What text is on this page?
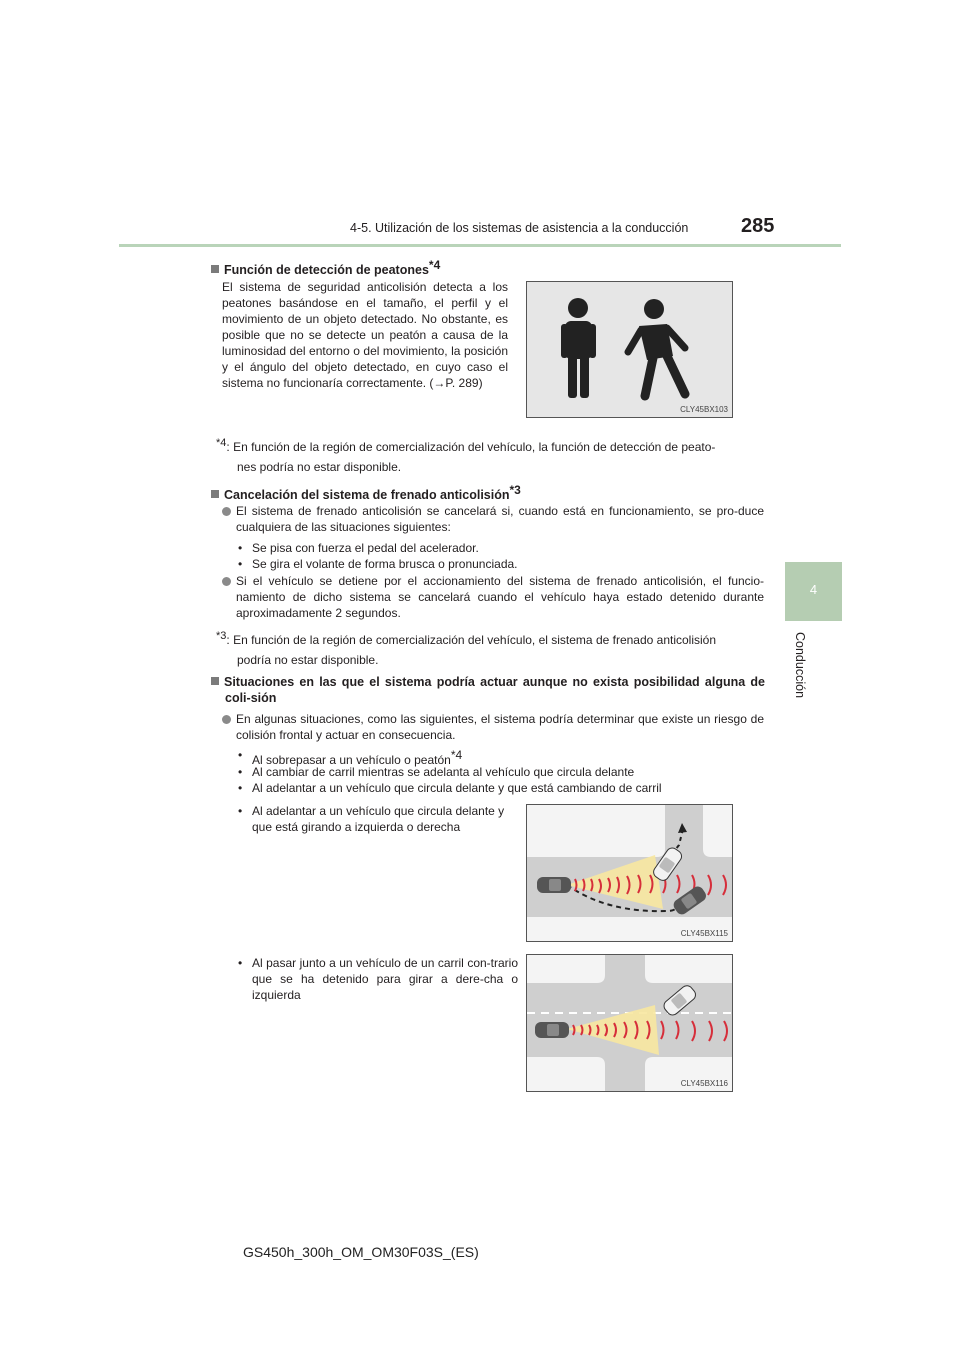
4-5. Utilización de los sistemas de asistencia a la conducción	285
4
Conducción
Función de detección de peatones$^{*4}$
El sistema de seguridad anticolisión detecta a los peatones basándose en el tamaño, el perfil y el movimiento de un objeto detectado. No obstante, es posible que no se detecte un peatón a causa de la luminosidad del entorno o del movimiento, la posición y el ángulo del objeto detectado, en cuyo caso el sistema no funcionaría correctamente. (→P. 289)
CLY45BX103
$^{*4}$: En función de la región de comercialización del vehículo, la función de detección de peato-
nes podría no estar disponible.
Cancelación del sistema de frenado anticolisión$^{*3}$
El sistema de frenado anticolisión se cancelará si, cuando está en funcionamiento, se pro-duce cualquiera de las situaciones siguientes:
• Se pisa con fuerza el pedal del acelerador.
• Se gira el volante de forma brusca o pronunciada.
Si el vehículo se detiene por el accionamiento del sistema de frenado anticolisión, el funcio-namiento de dicho sistema se cancelará cuando el vehículo haya estado detenido durante aproximadamente 2 segundos.
$^{*3}$: En función de la región de comercialización del vehículo, el sistema de frenado anticolisión
podría no estar disponible.
Situaciones en las que el sistema podría actuar aunque no exista posibilidad alguna de coli-sión
En algunas situaciones, como las siguientes, el sistema podría determinar que existe un riesgo de colisión frontal y actuar en consecuencia.
• Al sobrepasar a un vehículo o peatón$^{*4}$
• Al cambiar de carril mientras se adelanta al vehículo que circula delante
• Al adelantar a un vehículo que circula delante y que está cambiando de carril
• Al adelantar a un vehículo que circula delante y que está girando a izquierda o derecha
• Al pasar junto a un vehículo de un carril con-trario que se ha detenido para girar a dere-cha o izquierda
CLY45BX115
CLY45BX116
GS450h_300h_OM_OM30F03S_(ES)
